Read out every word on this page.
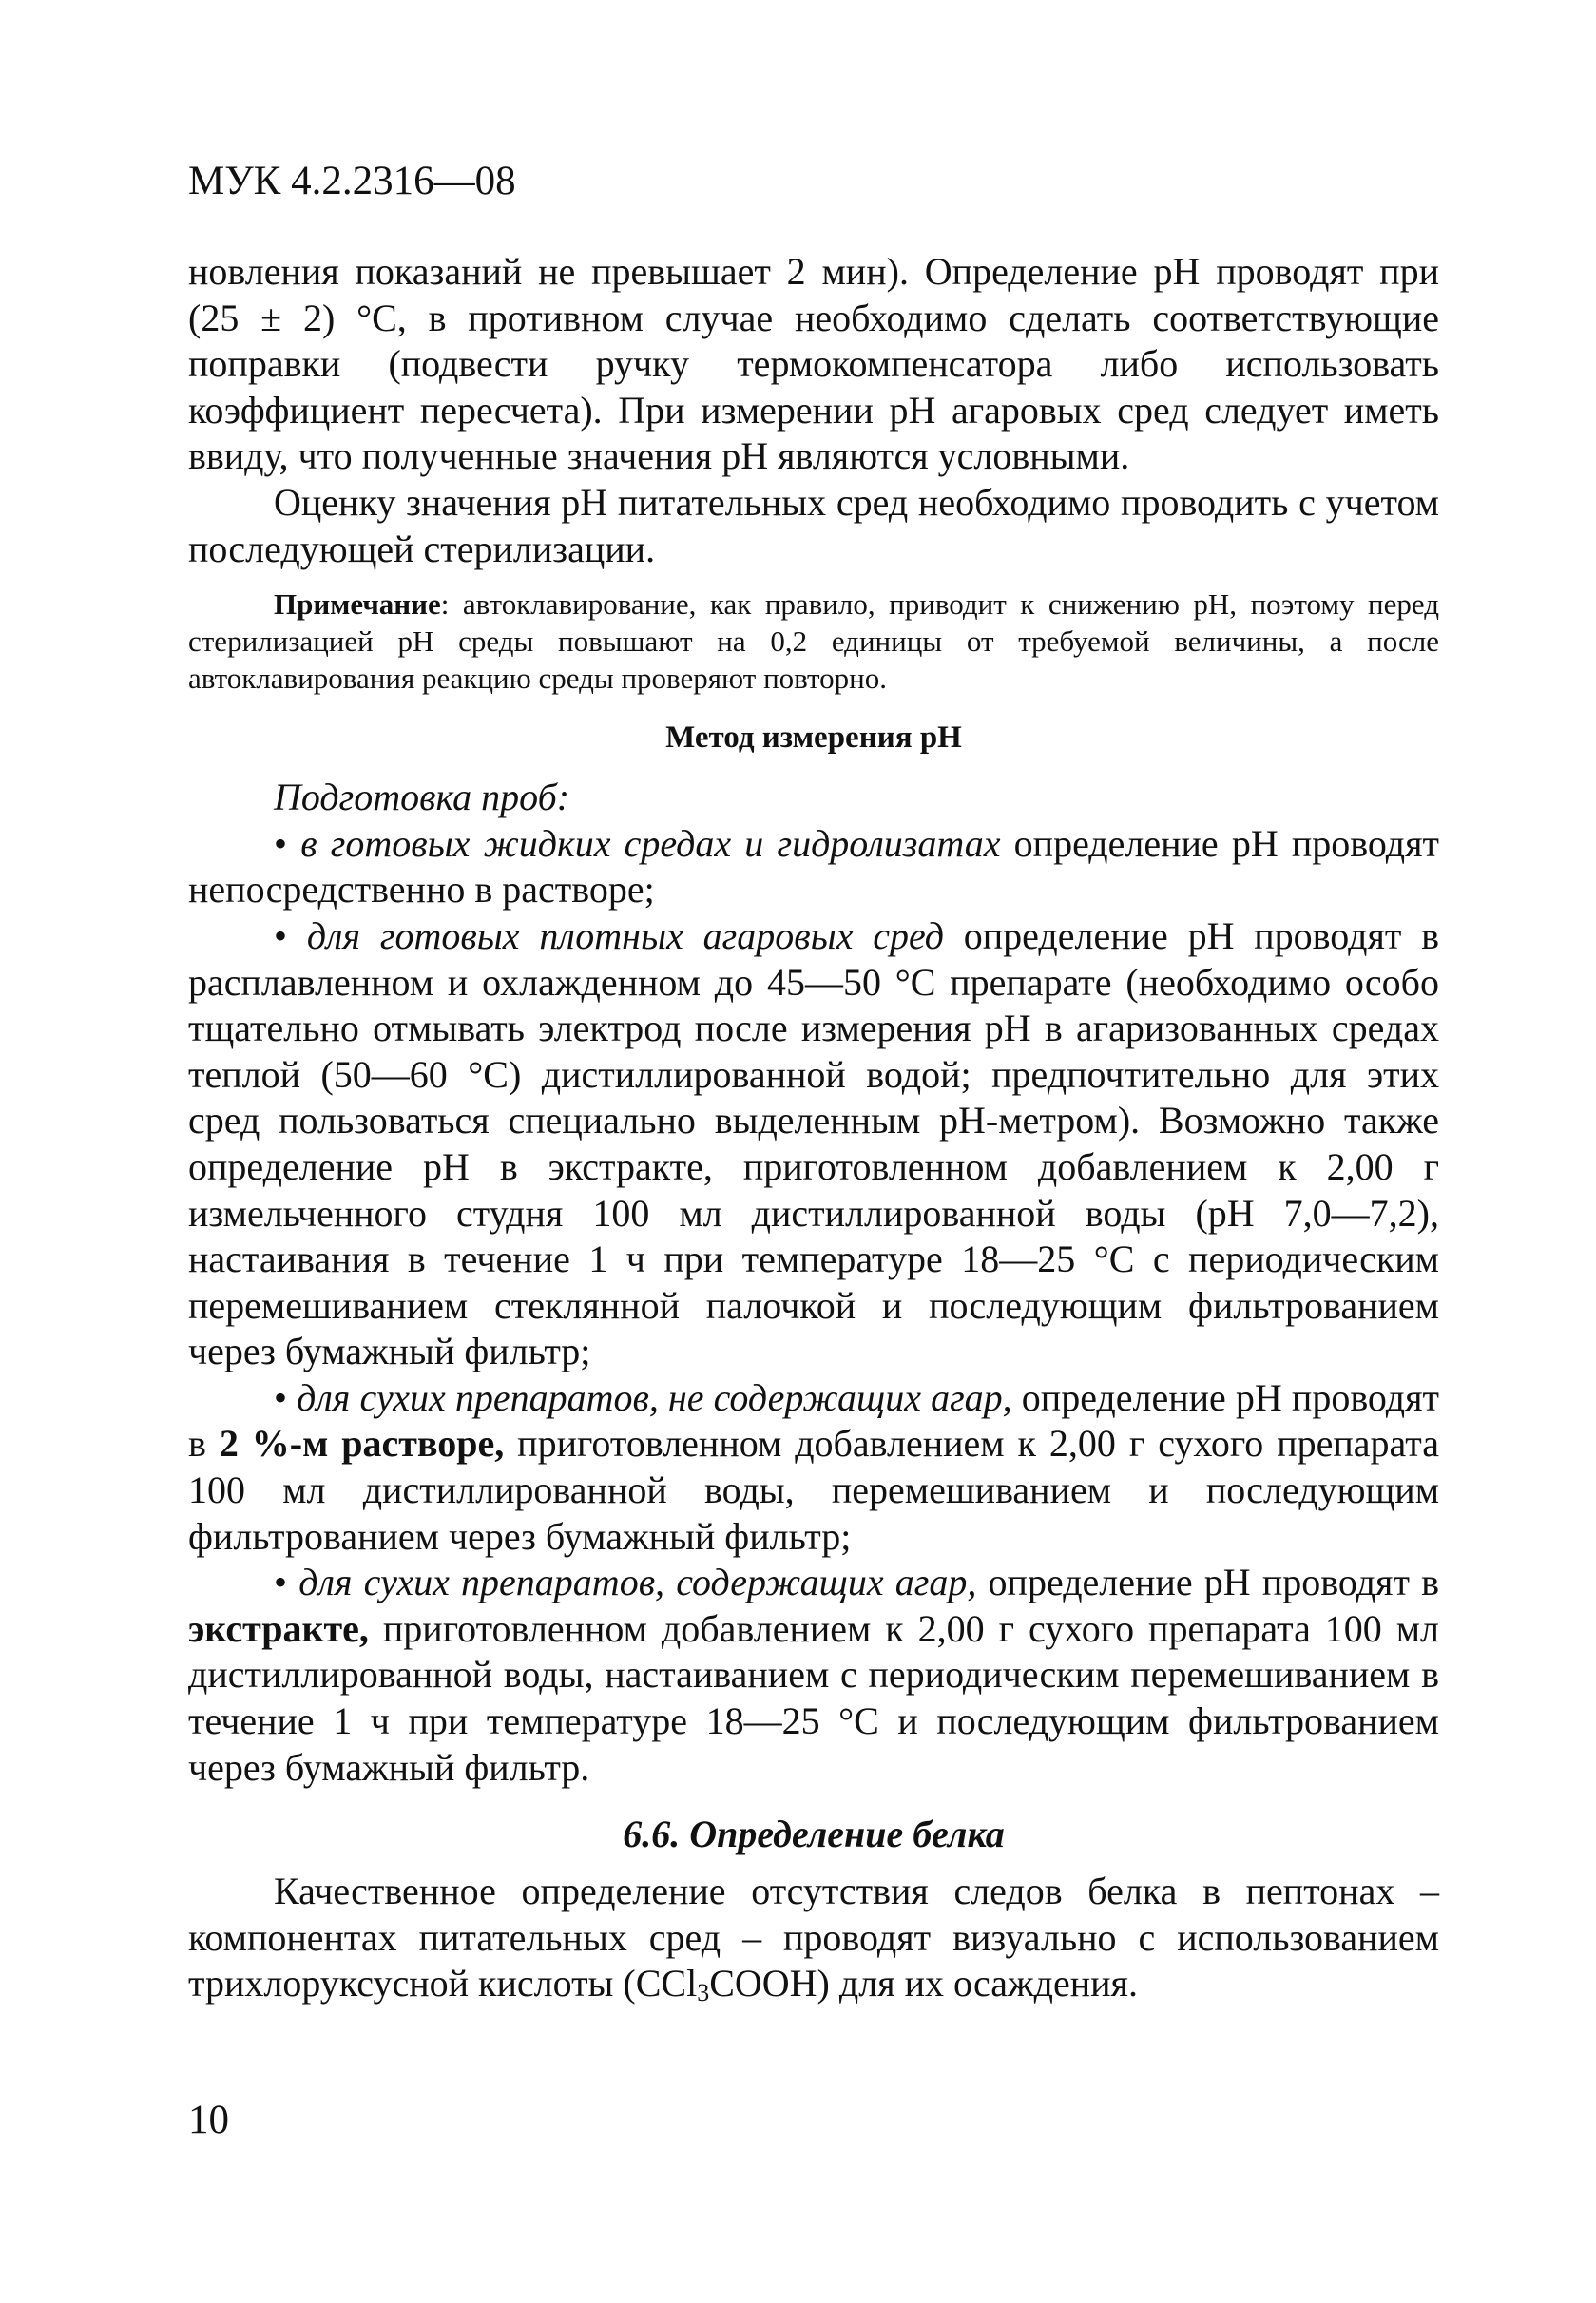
МУК 4.2.2316—08

новления показаний не превышает 2 мин). Определение pH проводят при (25 ± 2) °С, в противном случае необходимо сделать соответствующие поправки (подвести ручку термокомпенсатора либо использовать коэффициент пересчета). При измерении pH агаровых сред следует иметь ввиду, что полученные значения pH являются условными.

Оценку значения pH питательных сред необходимо проводить с учетом последующей стерилизации.

Примечание: автоклавирование, как правило, приводит к снижению pH, поэтому перед стерилизацией pH среды повышают на 0,2 единицы от требуемой величины, а после автоклавирования реакцию среды проверяют повторно.

Метод измерения pH

Подготовка проб:

• в готовых жидких средах и гидролизатах определение pH проводят непосредственно в растворе;

• для готовых плотных агаровых сред определение pH проводят в расплавленном и охлажденном до 45—50 °С препарате (необходимо особо тщательно отмывать электрод после измерения pH в агаризованных средах теплой (50—60 °С) дистиллированной водой; предпочтительно для этих сред пользоваться специально выделенным pH-метром). Возможно также определение pH в экстракте, приготовленном добавлением к 2,00 г измельченного студня 100 мл дистиллированной воды (pH 7,0—7,2), настаивания в течение 1 ч при температуре 18—25 °С с периодическим перемешиванием стеклянной палочкой и последующим фильтрованием через бумажный фильтр;

• для сухих препаратов, не содержащих агар, определение pH проводят в 2 %-м растворе, приготовленном добавлением к 2,00 г сухого препарата 100 мл дистиллированной воды, перемешиванием и последующим фильтрованием через бумажный фильтр;

• для сухих препаратов, содержащих агар, определение pH проводят в экстракте, приготовленном добавлением к 2,00 г сухого препарата 100 мл дистиллированной воды, настаиванием с периодическим перемешиванием в течение 1 ч при температуре 18—25 °С и последующим фильтрованием через бумажный фильтр.

6.6. Определение белка

Качественное определение отсутствия следов белка в пептонах – компонентах питательных сред – проводят визуально с использованием трихлоруксусной кислоты (CCl$_3$COOH) для их осаждения.

10
